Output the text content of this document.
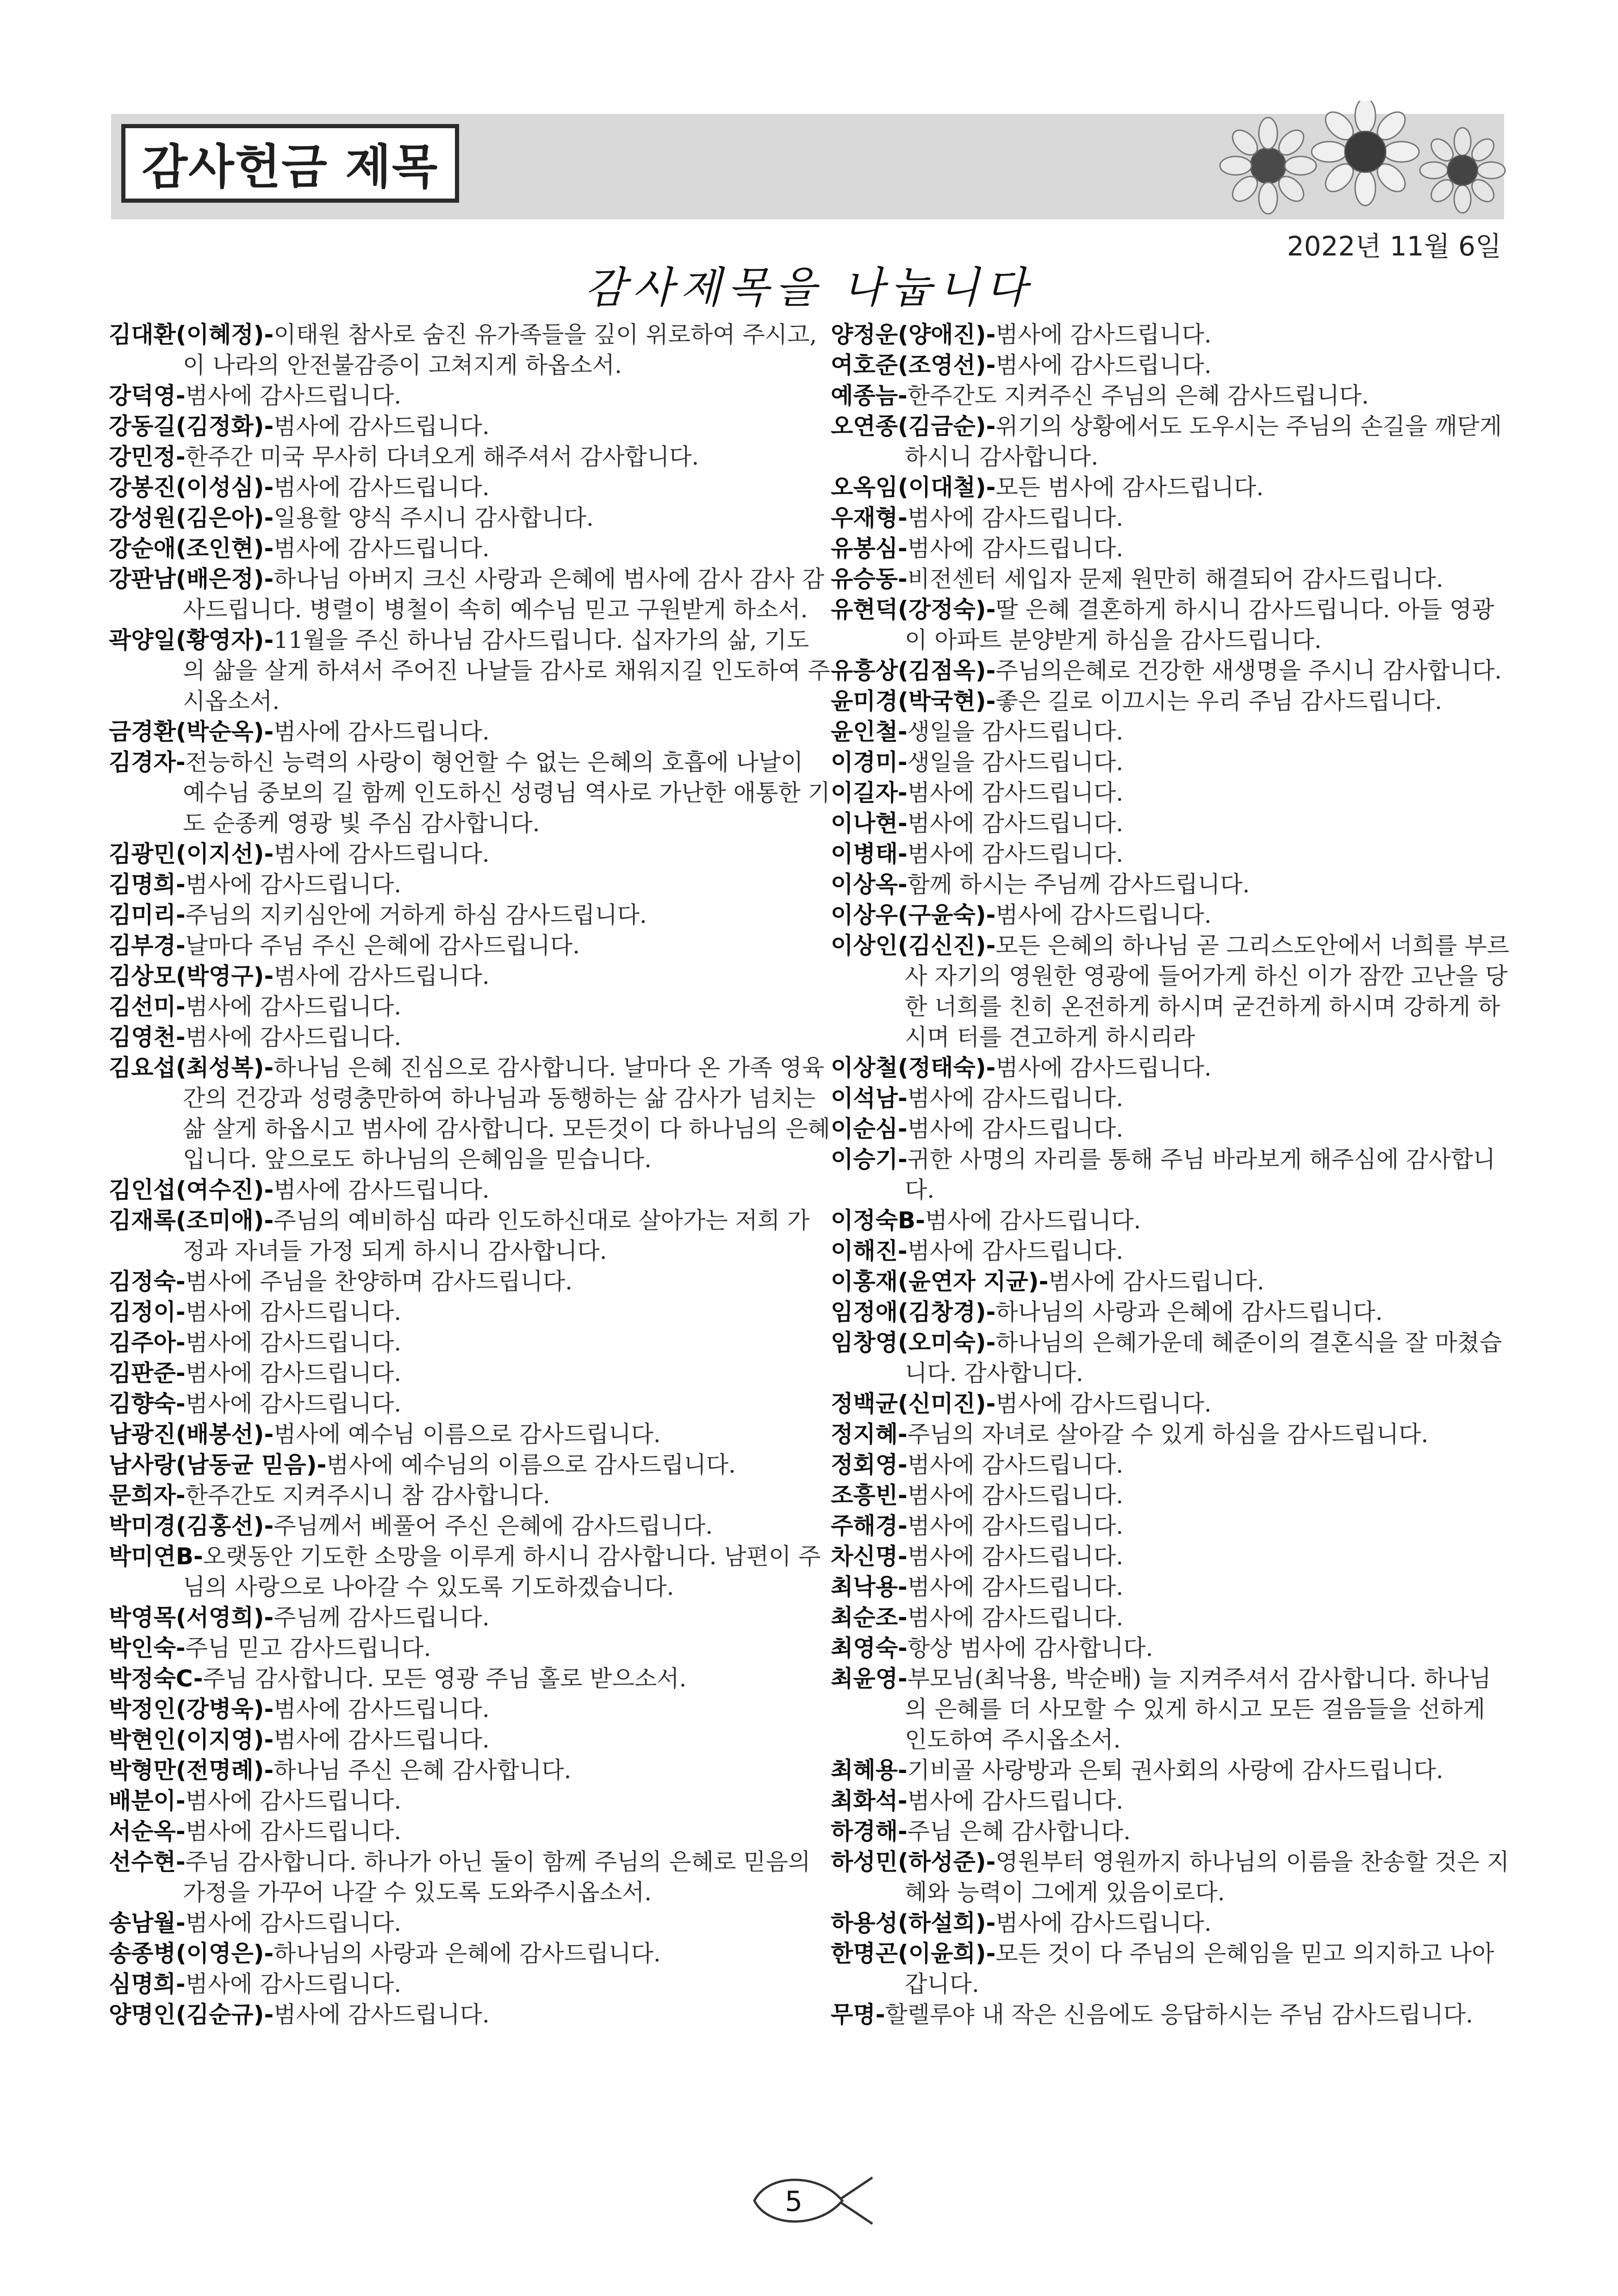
감사헌금 제목
2022년 11월 6일
감사제목을 나눕니다
김대환(이혜정)-이태원 참사로 숨진 유가족들을 깊이 위로하여 주시고, 이 나라의 안전불감증이 고쳐지게 하옵소서.
강덕영-범사에 감사드립니다.
강동길(김정화)-범사에 감사드립니다.
강민정-한주간 미국 무사히 다녀오게 해주셔서 감사합니다.
강봉진(이성심)-범사에 감사드립니다.
강성원(김은아)-일용할 양식 주시니 감사합니다.
강순애(조인현)-범사에 감사드립니다.
강판남(배은정)-하나님 아버지 크신 사랑과 은혜에 범사에 감사 감사 감사드립니다. 병렬이 병철이 속히 예수님 믿고 구원받게 하소서.
곽양일(황영자)-11월을 주신 하나님 감사드립니다. 십자가의 삶, 기도의 삶을 살게 하셔서 주어진 나날들 감사로 채워지길 인도하여 주시옵소서.
금경환(박순옥)-범사에 감사드립니다.
김경자-전능하신 능력의 사랑이 형언할 수 없는 은혜의 호흡에 나날이 예수님 중보의 길 함께 인도하신 성령님 역사로 가난한 애통한 기도 순종케 영광 빛 주심 감사합니다.
김광민(이지선)-범사에 감사드립니다.
김명희-범사에 감사드립니다.
김미리-주님의 지키심안에 거하게 하심 감사드립니다.
김부경-날마다 주님 주신 은혜에 감사드립니다.
김상모(박영구)-범사에 감사드립니다.
김선미-범사에 감사드립니다.
김영천-범사에 감사드립니다.
김요섭(최성복)-하나님 은혜 진심으로 감사합니다. 날마다 온 가족 영육간의 건강과 성령충만하여 하나님과 동행하는 삶 감사가 넘치는 삶 살게 하옵시고 범사에 감사합니다. 모든것이 다 하나님의 은혜입니다. 앞으로도 하나님의 은혜임을 믿습니다.
김인섭(여수진)-범사에 감사드립니다.
김재록(조미애)-주님의 예비하심 따라 인도하신대로 살아가는 저희 가정과 자녀들 가정 되게 하시니 감사합니다.
김정숙-범사에 주님을 찬양하며 감사드립니다.
김정이-범사에 감사드립니다.
김주아-범사에 감사드립니다.
김판준-범사에 감사드립니다.
김향숙-범사에 감사드립니다.
남광진(배봉선)-범사에 예수님 이름으로 감사드립니다.
남사랑(남동균 믿음)-범사에 예수님의 이름으로 감사드립니다.
문희자-한주간도 지켜주시니 참 감사합니다.
박미경(김홍선)-주님께서 베풀어 주신 은혜에 감사드립니다.
박미연B-오랫동안 기도한 소망을 이루게 하시니 감사합니다. 남편이 주님의 사랑으로 나아갈 수 있도록 기도하겠습니다.
박영목(서영희)-주님께 감사드립니다.
박인숙-주님 믿고 감사드립니다.
박정숙C-주님 감사합니다. 모든 영광 주님 홀로 받으소서.
박정인(강병욱)-범사에 감사드립니다.
박현인(이지영)-범사에 감사드립니다.
박형만(전명례)-하나님 주신 은혜 감사합니다.
배분이-범사에 감사드립니다.
서순옥-범사에 감사드립니다.
선수현-주님 감사합니다. 하나가 아닌 둘이 함께 주님의 은혜로 믿음의 가정을 가꾸어 나갈 수 있도록 도와주시옵소서.
송남월-범사에 감사드립니다.
송종병(이영은)-하나님의 사랑과 은혜에 감사드립니다.
심명희-범사에 감사드립니다.
양명인(김순규)-범사에 감사드립니다.
양정운(양애진)-범사에 감사드립니다.
여호준(조영선)-범사에 감사드립니다.
예종늠-한주간도 지켜주신 주님의 은혜 감사드립니다.
오연종(김금순)-위기의 상황에서도 도우시는 주님의 손길을 깨닫게 하시니 감사합니다.
오옥임(이대철)-모든 범사에 감사드립니다.
우재형-범사에 감사드립니다.
유봉심-범사에 감사드립니다.
유승동-비전센터 세입자 문제 원만히 해결되어 감사드립니다.
유현덕(강정숙)-딸 은혜 결혼하게 하시니 감사드립니다. 아들 영광이 아파트 분양받게 하심을 감사드립니다.
유흥상(김점옥)-주님의은혜로 건강한 새생명을 주시니 감사합니다.
윤미경(박국현)-좋은 길로 이끄시는 우리 주님 감사드립니다.
윤인철-생일을 감사드립니다.
이경미-생일을 감사드립니다.
이길자-범사에 감사드립니다.
이나현-범사에 감사드립니다.
이병태-범사에 감사드립니다.
이상옥-함께 하시는 주님께 감사드립니다.
이상우(구윤숙)-범사에 감사드립니다.
이상인(김신진)-모든 은혜의 하나님 곧 그리스도안에서 너희를 부르사 자기의 영원한 영광에 들어가게 하신 이가 잠깐 고난을 당한 너희를 친히 온전하게 하시며 굳건하게 하시며 강하게 하시며 터를 견고하게 하시리라
이상철(정태숙)-범사에 감사드립니다.
이석남-범사에 감사드립니다.
이순심-범사에 감사드립니다.
이승기-귀한 사명의 자리를 통해 주님 바라보게 해주심에 감사합니다.
이정숙B-범사에 감사드립니다.
이해진-범사에 감사드립니다.
이홍재(윤연자 지균)-범사에 감사드립니다.
임정애(김창경)-하나님의 사랑과 은혜에 감사드립니다.
임창영(오미숙)-하나님의 은혜가운데 혜준이의 결혼식을 잘 마쳤습니다. 감사합니다.
정백균(신미진)-범사에 감사드립니다.
정지혜-주님의 자녀로 살아갈 수 있게 하심을 감사드립니다.
정회영-범사에 감사드립니다.
조흥빈-범사에 감사드립니다.
주해경-범사에 감사드립니다.
차신명-범사에 감사드립니다.
최낙용-범사에 감사드립니다.
최순조-범사에 감사드립니다.
최영숙-항상 범사에 감사합니다.
최윤영-부모님(최낙용, 박순배) 늘 지켜주셔서 감사합니다. 하나님의 은혜를 더 사모할 수 있게 하시고 모든 걸음들을 선하게 인도하여 주시옵소서.
최혜용-기비골 사랑방과 은퇴 권사회의 사랑에 감사드립니다.
최화석-범사에 감사드립니다.
하경해-주님 은혜 감사합니다.
하성민(하성준)-영원부터 영원까지 하나님의 이름을 찬송할 것은 지혜와 능력이 그에게 있음이로다.
하용성(하설희)-범사에 감사드립니다.
한명곤(이윤희)-모든 것이 다 주님의 은혜임을 믿고 의지하고 나아갑니다.
무명-할렐루야 내 작은 신음에도 응답하시는 주님 감사드립니다.
5
